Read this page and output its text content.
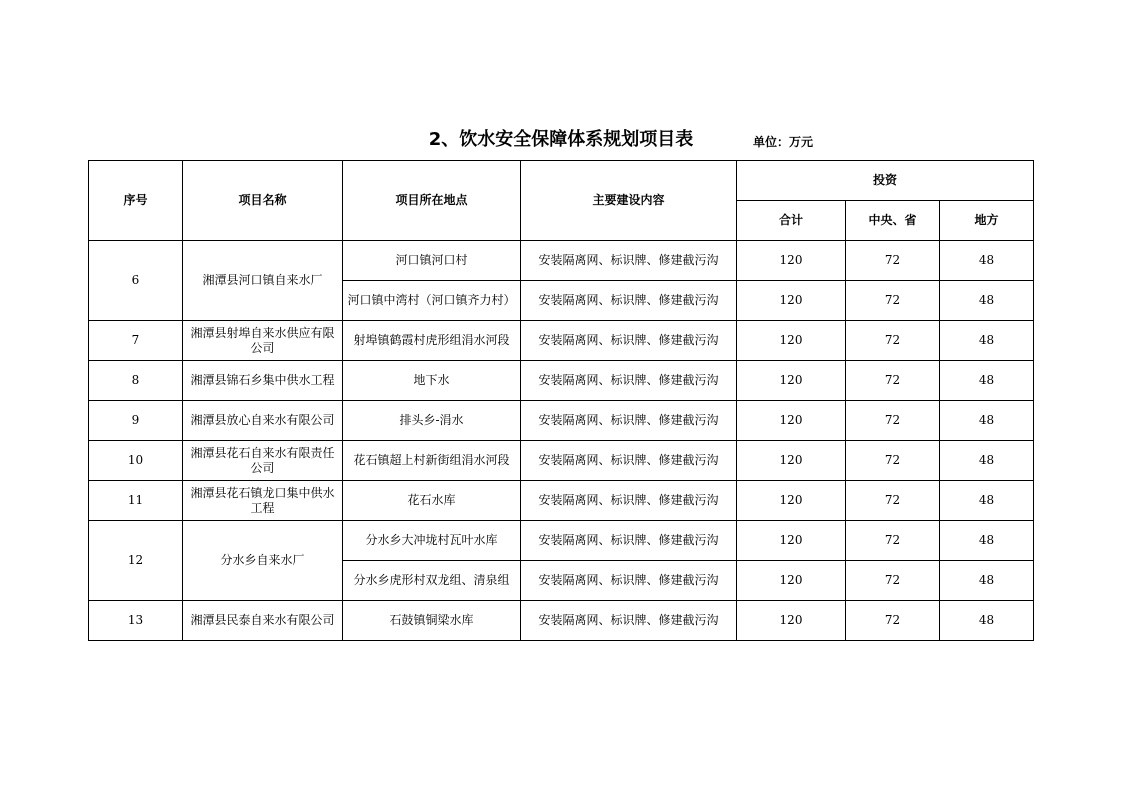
2、饮水安全保障体系规划项目表	单位：万元
序号	项目名称	项目所在地点	主要建设内容	投资		
				合计	中央、省	地方
6	湘潭县河口镇自来水厂	河口镇河口村	安装隔离网、标识牌、修建截污沟	120	72	48
		河口镇中湾村（河口镇齐力村）	安装隔离网、标识牌、修建截污沟	120	72	48
7	湘潭县射埠自来水供应有限公司	射埠镇鹤霞村虎形组涓水河段	安装隔离网、标识牌、修建截污沟	120	72	48
8	湘潭县锦石乡集中供水工程	地下水	安装隔离网、标识牌、修建截污沟	120	72	48
9	湘潭县放心自来水有限公司	排头乡-涓水	安装隔离网、标识牌、修建截污沟	120	72	48
10	湘潭县花石自来水有限责任公司	花石镇超上村新街组涓水河段	安装隔离网、标识牌、修建截污沟	120	72	48
11	湘潭县花石镇龙口集中供水工程	花石水库	安装隔离网、标识牌、修建截污沟	120	72	48
12	分水乡自来水厂	分水乡大冲垅村瓦叶水库	安装隔离网、标识牌、修建截污沟	120	72	48
		分水乡虎形村双龙组、清泉组	安装隔离网、标识牌、修建截污沟	120	72	48
13	湘潭县民泰自来水有限公司	石鼓镇铜梁水库	安装隔离网、标识牌、修建截污沟	120	72	48
